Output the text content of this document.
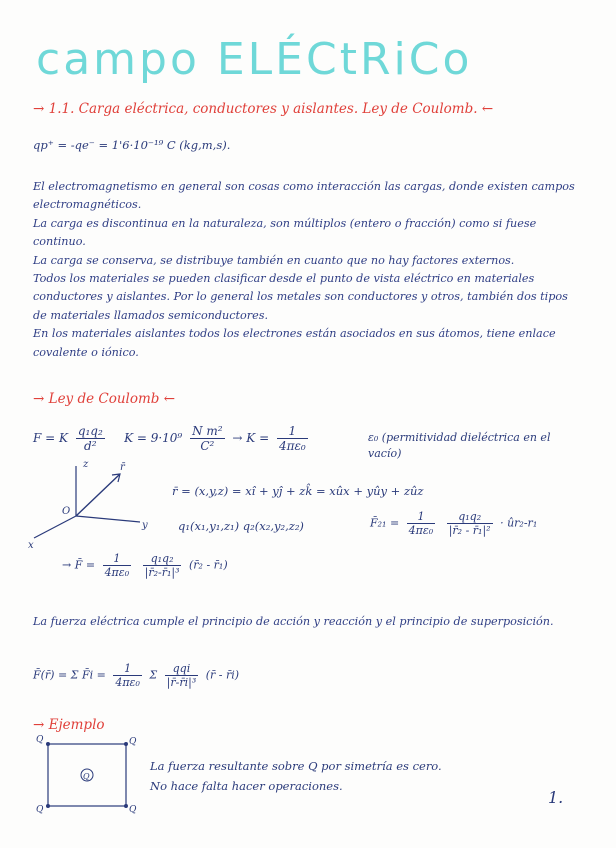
campo ELÉCtRiCo
→ 1.1. Carga eléctrica, conductores y aislantes. Ley de Coulomb. ←
qp⁺ = -qe⁻ = 1'6·10⁻¹⁹ C (kg,m,s).

El electromagnetismo en general son cosas como interacción las cargas, donde existen campos electromagnéticos.

La carga es discontinua en la naturaleza, son múltiplos (entero o fracción) como si fuese continuo.

La carga se conserva, se distribuye también en cuanto que no hay factores externos.

Todos los materiales se pueden clasificar desde el punto de vista eléctrico en materiales conductores y aislantes. Por lo general los metales son conductores y otros, también dos tipos de materiales llamados semiconductores.

En los materiales aislantes todos los electrones están asociados en sus átomos, tiene enlace covalente o iónico.

→ Ley de Coulomb ←
F = K $\frac{\text{q₁q₂}}{\text{d²}}$ $K = 9\cdot 10^9 \frac{\text{N m²}}{\text{C²}} \to K = \frac{1}{\text{4πε₀}}$	ε₀ (permitividad dieléctrica en el vacío)
z
y
x
O
r̄
r̄ = (x,y,z) = xî + yĵ + zk̂ = xûx + yûy + zûz
q₁(x₁,y₁,z₁) q₂(x₂,y₂,z₂)	F̄₂₁ = $\frac{1}{\text{4πε₀}}$
$\frac{\text{q₁q₂}}{\text{|r̄₂ - r̄₁|²}}$ · ûr₂-r₁
→ F̄ = $\frac{1}{\text{4πε₀}}$
$\frac{\text{q₁q₂}}{\text{|r̄₂-r̄₁|³}}$ (r̄₂ - r̄₁)
La fuerza eléctrica cumple el principio de acción y reacción y el principio de superposición.
F̄(r̄) = Σ F̄i = $\frac{1}{\text{4πε₀}}$ Σ $\frac{\text{qqi}}{\text{|r̄-r̄i|³}}$ (r̄ - r̄i)
→ Ejemplo
Q	Q
Q	Q
Q
La fuerza resultante sobre Q por simetría es cero.
No hace falta hacer operaciones.
1.
